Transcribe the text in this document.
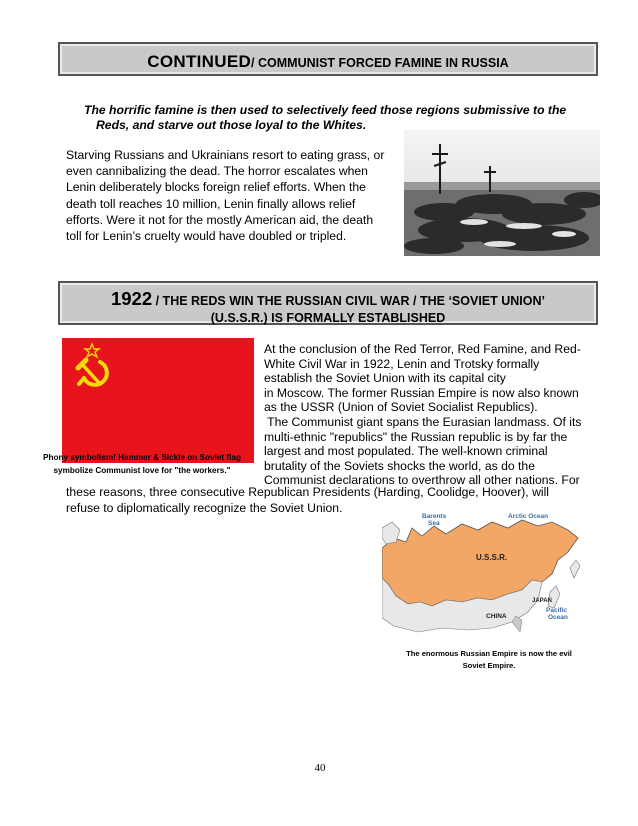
CONTINUED/ COMMUNIST FORCED FAMINE IN RUSSIA
The horrific famine is then used to selectively feed those regions submissive to the
Reds, and starve out those loyal to the Whites.
Starving Russians and Ukrainians resort to eating grass, or
even cannibalizing the dead. The horror escalates when
Lenin deliberately blocks foreign relief efforts. When the
death toll reaches 10 million, Lenin finally allows relief
efforts. Were it not for the mostly American aid, the death
toll for Lenin’s cruelty would have doubled or tripled.
1922 / THE REDS WIN THE RUSSIAN CIVIL WAR / THE ‘SOVIET UNION’
(U.S.S.R.) IS FORMALLY ESTABLISHED
Phony symbolism! Hammer & Sickle on Soviet flag
symbolize Communist love for "the workers."
At the conclusion of the Red Terror, Red Famine, and Red-
White Civil War in 1922, Lenin and Trotsky formally
establish the Soviet Union with its capital city
in Moscow. The former Russian Empire is now also known
as the USSR (Union of Soviet Socialist Republics).
The Communist giant spans the Eurasian landmass. Of its
multi-ethnic "republics" the Russian republic is by far the
largest and most populated. The well-known criminal
brutality of the Soviets shocks the world, as do the
Communist declarations to overthrow all other nations. For
these reasons, three consecutive Republican Presidents (Harding, Coolidge, Hoover), will
refuse to diplomatically recognize the Soviet Union.
Arctic Ocean
Barents
Sea
Pacific
Ocean
U.S.S.R.
JAPAN
CHINA
The enormous Russian Empire is now the evil
Soviet Empire.
40
